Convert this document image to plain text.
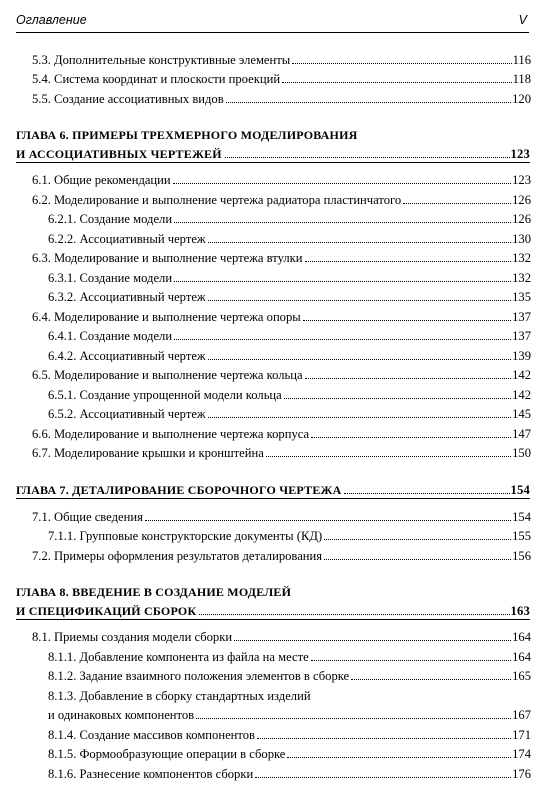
Оглавление	V
5.3. Дополнительные конструктивные элементы	116
5.4. Система координат и плоскости проекций	118
5.5. Создание ассоциативных видов	120
ГЛАВА 6. ПРИМЕРЫ ТРЕХМЕРНОГО МОДЕЛИРОВАНИЯ
И АССОЦИАТИВНЫХ ЧЕРТЕЖЕЙ	123
6.1. Общие рекомендации	123
6.2. Моделирование и выполнение чертежа радиатора пластинчатого	126
6.2.1. Создание модели	126
6.2.2. Ассоциативный чертеж	130
6.3. Моделирование и выполнение чертежа втулки	132
6.3.1. Создание модели	132
6.3.2. Ассоциативный чертеж	135
6.4. Моделирование и выполнение чертежа опоры	137
6.4.1. Создание модели	137
6.4.2. Ассоциативный чертеж	139
6.5. Моделирование и выполнение чертежа кольца	142
6.5.1. Создание упрощенной модели кольца	142
6.5.2. Ассоциативный чертеж	145
6.6. Моделирование и выполнение чертежа корпуса	147
6.7. Моделирование крышки и кронштейна	150
ГЛАВА 7. ДЕТАЛИРОВАНИЕ СБОРОЧНОГО ЧЕРТЕЖА	154
7.1. Общие сведения	154
7.1.1. Групповые конструкторские документы (КД)	155
7.2. Примеры оформления результатов деталирования	156
ГЛАВА 8. ВВЕДЕНИЕ В СОЗДАНИЕ МОДЕЛЕЙ
И СПЕЦИФИКАЦИЙ СБОРОК	163
8.1. Приемы создания модели сборки	164
8.1.1. Добавление компонента из файла на месте	164
8.1.2. Задание взаимного положения элементов в сборке	165
8.1.3. Добавление в сборку стандартных изделий
и одинаковых компонентов	167
8.1.4. Создание массивов компонентов	171
8.1.5. Формообразующие операции в сборке	174
8.1.6. Разнесение компонентов сборки	176
